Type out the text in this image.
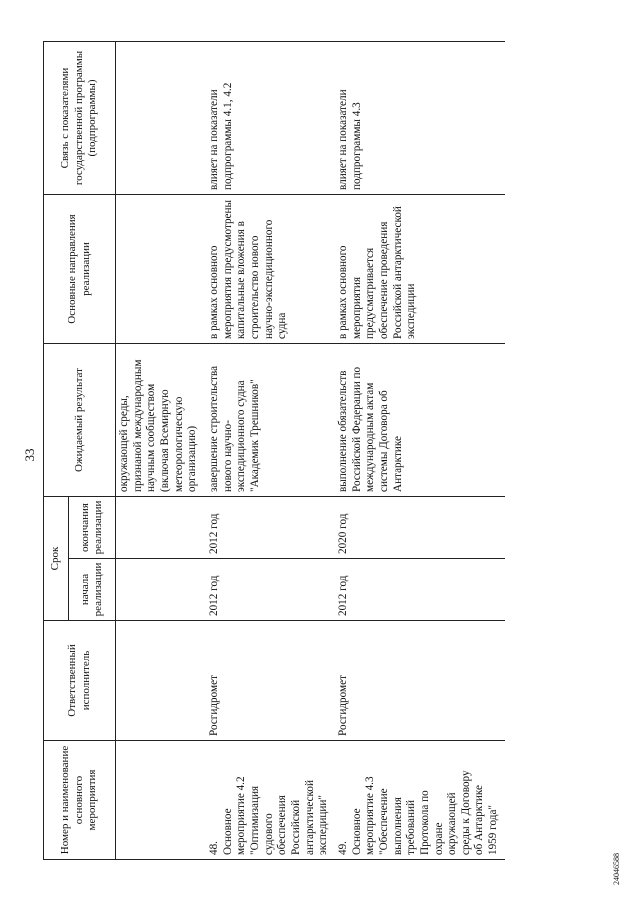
33
Номер и наименование основного мероприятия	Ответственный исполнитель	Срок		Ожидаемый результат	Основные направления реализации	Связь с показателями государственной программы (подпрограммы)
		начала реализации	окончания реализации			
				окружающей среды, признаной международным научным сообществом (включая Всемирную метеорологическую организацию)		
48. Основное мероприятие 4.2 "Оптимизация судового обеспечения Российской антарктической экспедиции"	Росгидромет	2012 год	2012 год	завершение строительства нового научно-экспедиционного судна "Академик Трешников"	в рамках основного мероприятия предусмотрены капитальные вложения в строительство нового научно-экспедиционного судна	влияет на показатели подпрограммы 4.1, 4.2
49. Основное мероприятие 4.3 "Обеспечение выполнения требований Протокола по охране окружающей среды к Договору об Антарктике 1959 года"	Росгидромет	2012 год	2020 год	выполнение обязательств Российской Федерации по международным актам системы Договора об Антарктике	в рамках основного мероприятия предусматривается обеспечение проведения Российской антарктической экспедиции	влияет на показатели подпрограммы 4.3
24046588
